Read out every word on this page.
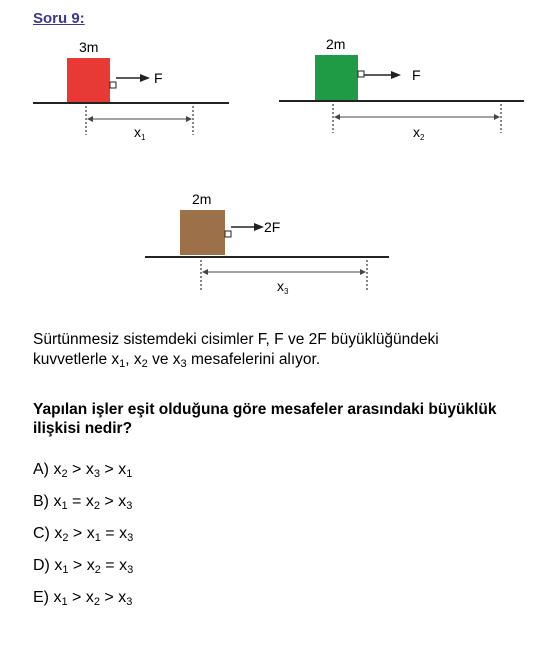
Soru 9:
3m
F
$x_1$
2m
F
$x_2$
2m
2F
$x_3$
Sürtünmesiz sistemdeki cisimler F, F ve 2F büyüklüğündeki
kuvvetlerle $x_1$, $x_2$ ve $x_3$ mesafelerini alıyor.
Yapılan işler eşit olduğuna göre mesafeler arasındaki büyüklük ilişkisi nedir?
A) $x_2 > x_3 > x_1$
B) $x_1 = x_2 > x_3$
C) $x_2 > x_1 = x_3$
D) $x_1 > x_2 = x_3$
E) $x_1 > x_2 > x_3$
